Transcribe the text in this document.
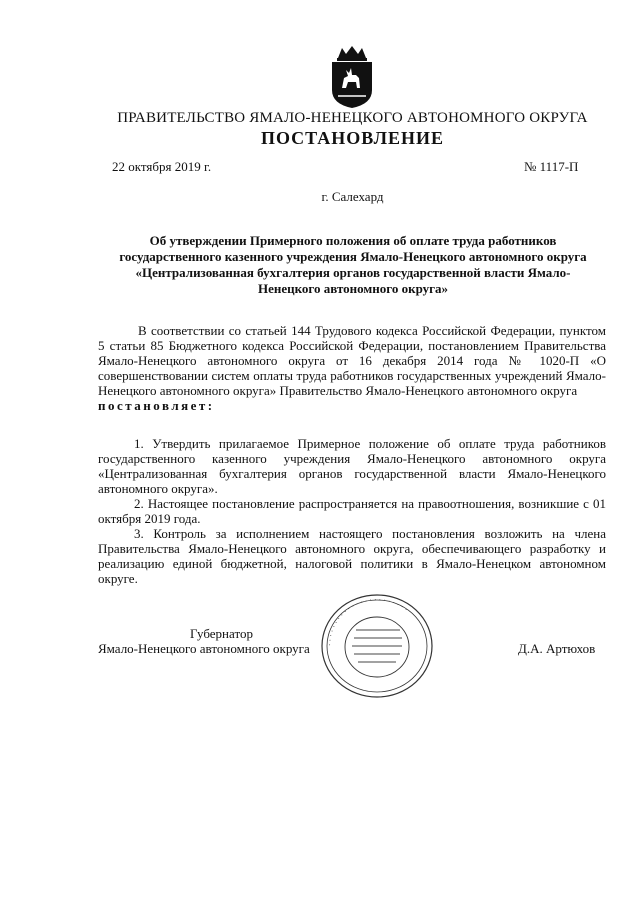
ПРАВИТЕЛЬСТВО ЯМАЛО-НЕНЕЦКОГО АВТОНОМНОГО ОКРУГА
ПОСТАНОВЛЕНИЕ
22 октября 2019 г.	№ 1117-П
г. Салехард
Об утверждении Примерного положения об оплате труда работников государственного казенного учреждения Ямало-Ненецкого автономного округа «Централизованная бухгалтерия органов государственной власти Ямало-Ненецкого автономного округа»

В соответствии со статьей 144 Трудового кодекса Российской Федерации, пунктом 5 статьи 85 Бюджетного кодекса Российской Федерации, постановлением Правительства Ямало-Ненецкого автономного округа от 16 декабря 2014 года № 1020-П «О совершенствовании систем оплаты труда работников государственных учреждений Ямало-Ненецкого автономного округа» Правительство Ямало-Ненецкого автономного округа

постановляет:

1. Утвердить прилагаемое Примерное положение об оплате труда работников государственного казенного учреждения Ямало-Ненецкого автономного округа «Централизованная бухгалтерия органов государственной власти Ямало-Ненецкого автономного округа».

2. Настоящее постановление распространяется на правоотношения, возникшие с 01 октября 2019 года.

3. Контроль за исполнением настоящего постановления возложить на члена Правительства Ямало-Ненецкого автономного округа, обеспечивающего разработку и реализацию единой бюджетной, налоговой политики в Ямало-Ненецком автономном округе.

Губернатор
Ямало-Ненецкого автономного округа	Д.А. Артюхов
· · · · · · · · · · · · · · · · · · · · · · ·
